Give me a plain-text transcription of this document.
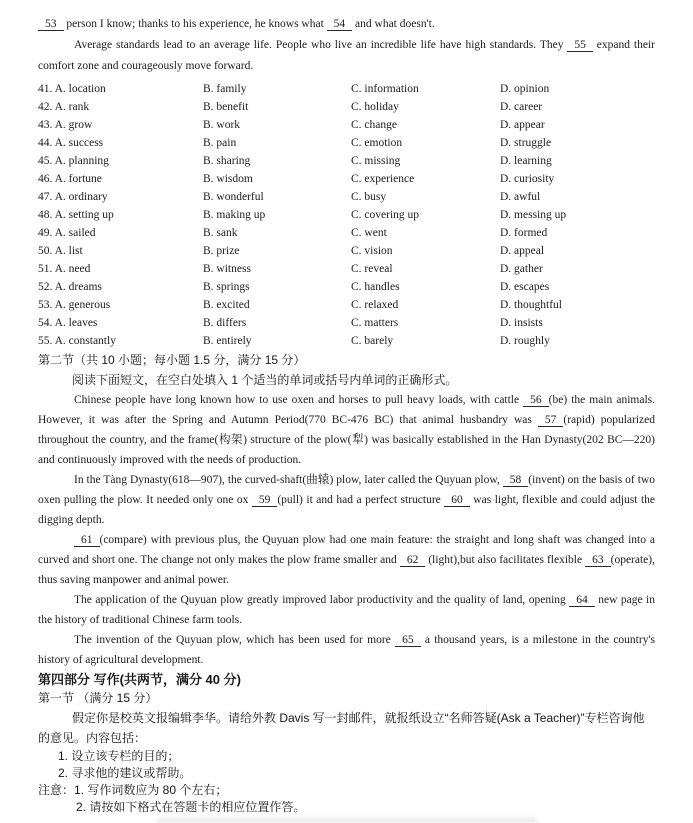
53 person I know; thanks to his experience, he knows what 54 and what doesn't.

Average standards lead to an average life. People who live an incredible life have high standards. They 55 expand their comfort zone and courageously move forward.

41. A. location	B. family	C. information	D. opinion
42. A. rank	B. benefit	C. holiday	D. career
43. A. grow	B. work	C. change	D. appear
44. A. success	B. pain	C. emotion	D. struggle
45. A. planning	B. sharing	C. missing	D. learning
46. A. fortune	B. wisdom	C. experience	D. curiosity
47. A. ordinary	B. wonderful	C. busy	D. awful
48. A. setting up	B. making up	C. covering up	D. messing up
49. A. sailed	B. sank	C. went	D. formed
50. A. list	B. prize	C. vision	D. appeal
51. A. need	B. witness	C. reveal	D. gather
52. A. dreams	B. springs	C. handles	D. escapes
53. A. generous	B. excited	C. relaxed	D. thoughtful
54. A. leaves	B. differs	C. matters	D. insists
55. A. constantly	B. entirely	C. barely	D. roughly

第二节（共 10 小题；每小题 1.5 分，满分 15 分）

阅读下面短文，在空白处填入 1 个适当的单词或括号内单词的正确形式。

Chinese people have long known how to use oxen and horses to pull heavy loads, with cattle 56 (be) the main animals. However, it was after the Spring and Autumn Period(770 BC-476 BC) that animal husbandry was 57 (rapid) popularized throughout the country, and the frame(构架) structure of the plow(犁) was basically established in the Han Dynasty(202 BC—220) and continuously improved with the needs of production.

In the Tàng Dynasty(618—907), the curved-shaft(曲辕) plow, later called the Quyuan plow, 58 (invent) on the basis of two oxen pulling the plow. It needed only one ox 59 (pull) it and had a perfect structure 60 was light, flexible and could adjust the digging depth.

61 (compare) with previous plus, the Quyuan plow had one main feature: the straight and long shaft was changed into a curved and short one. The change not only makes the plow frame smaller and 62 (light),but also facilitates flexible 63 (operate), thus saving manpower and animal power.

The application of the Quyuan plow greatly improved labor productivity and the quality of land, opening 64 new page in the history of traditional Chinese farm tools.

The invention of the Quyuan plow, which has been used for more 65 a thousand years, is a milestone in the country's history of agricultural development.

第四部分 写作(共两节，满分 40 分)

第一节 （满分 15 分）

假定你是校英文报编辑李华。请给外教 Davis 写一封邮件，就报纸设立“名师答疑(Ask a Teacher)”专栏咨询他的意见。内容包括：

1. 设立该专栏的目的；

2. 寻求他的建议或帮助。

注意：1. 写作词数应为 80 个左右；

2. 请按如下格式在答题卡的相应位置作答。
